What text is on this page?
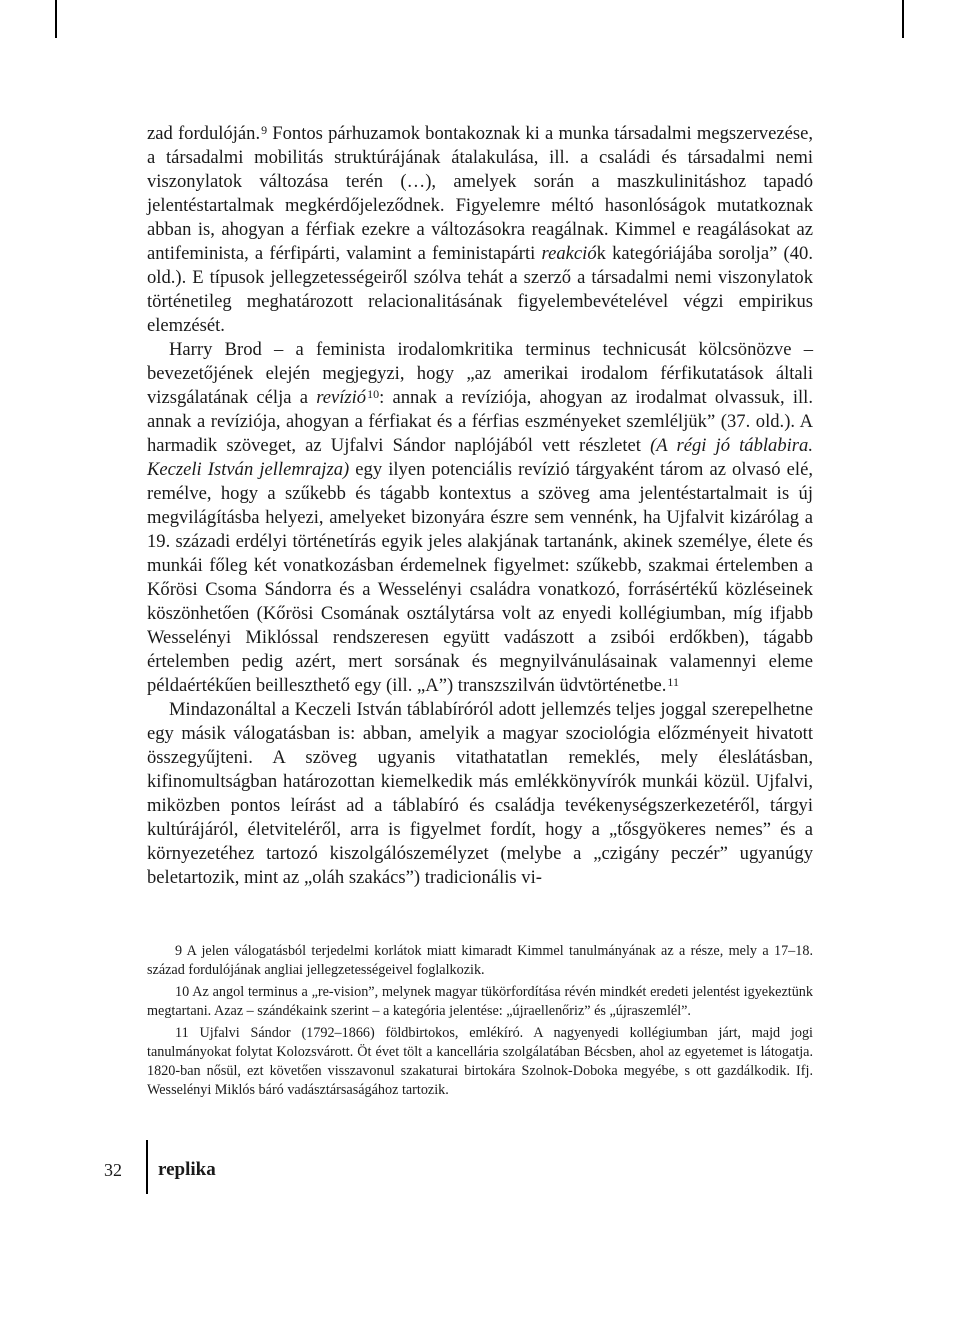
zad fordulóján.$^9$ Fontos párhuzamok bontakoznak ki a munka társadalmi megszervezése, a társadalmi mobilitás struktúrájának átalakulása, ill. a családi és társadalmi nemi viszonylatok változása terén (…), amelyek során a maszkulinitáshoz tapadó jelentéstartalmak megkérdőjeleződnek. Figyelemre méltó hasonlóságok mutatkoznak abban is, ahogyan a férfiak ezekre a változásokra reagálnak. Kimmel e reagálásokat az antifeminista, a férfipárti, valamint a feministapárti reakciók kategóriájába sorolja” (40. old.). E típusok jellegzetességeiről szólva tehát a szerző a társadalmi nemi viszonylatok történetileg meghatározott relacionalitásának figyelembevételével végzi empirikus elemzését.

Harry Brod – a feminista irodalomkritika terminus technicusát kölcsönözve – bevezetőjének elején megjegyzi, hogy „az amerikai irodalom férfikutatások általi vizsgálatának célja a revízió$^{10}$: annak a revíziója, ahogyan az irodalmat olvassuk, ill. annak a revíziója, ahogyan a férfiakat és a férfias eszményeket szemléljük” (37. old.). A harmadik szöveget, az Ujfalvi Sándor naplójából vett részletet (A régi jó táblabira. Keczeli István jellemrajza) egy ilyen potenciális revízió tárgyaként tárom az olvasó elé, remélve, hogy a szűkebb és tágabb kontextus a szöveg ama jelentéstartalmait is új megvilágításba helyezi, amelyeket bizonyára észre sem vennénk, ha Ujfalvit kizárólag a 19. századi erdélyi történetírás egyik jeles alakjának tartanánk, akinek személye, élete és munkái főleg két vonatkozásban érdemelnek figyelmet: szűkebb, szakmai értelemben a Kőrösi Csoma Sándorra és a Wesselényi családra vonatkozó, forrásértékű közléseinek köszönhetően (Kőrösi Csomának osztálytársa volt az enyedi kollégiumban, míg ifjabb Wesselényi Miklóssal rendszeresen együtt vadászott a zsibói erdőkben), tágabb értelemben pedig azért, mert sorsának és megnyilvánulásainak valamennyi eleme példaértékűen beilleszthető egy (ill. „A”) transzszilván üdvtörténetbe.$^{11}$

Mindazonáltal a Keczeli István táblabíróról adott jellemzés teljes joggal szerepelhetne egy másik válogatásban is: abban, amelyik a magyar szociológia előzményeit hivatott összegyűjteni. A szöveg ugyanis vitathatatlan remeklés, mely éleslátásban, kifinomultságban határozottan kiemelkedik más emlékkönyvírók munkái közül. Ujfalvi, miközben pontos leírást ad a táblabíró és családja tevékenységszerkezetéről, tárgyi kultúrájáról, életviteléről, arra is figyelmet fordít, hogy a „tősgyökeres nemes” és a környezetéhez tartozó kiszolgálószemélyzet (melybe a „czigány peczér” ugyanúgy beletartozik, mint az „oláh szakács”) tradicionális vi-

9 A jelen válogatásból terjedelmi korlátok miatt kimaradt Kimmel tanulmányának az a része, mely a 17–18. század fordulójának angliai jellegzetességeivel foglalkozik.

10 Az angol terminus a „re-vision”, melynek magyar tükörfordítása révén mindkét eredeti jelentést igyekeztünk megtartani. Azaz – szándékaink szerint – a kategória jelentése: „újraellenőriz” és „újraszemlél”.

11 Ujfalvi Sándor (1792–1866) földbirtokos, emlékíró. A nagyenyedi kollégiumban járt, majd jogi tanulmányokat folytat Kolozsvárott. Öt évet tölt a kancellária szolgálatában Bécsben, ahol az egyetemet is látogatja. 1820-ban nősül, ezt követően visszavonul szakaturai birtokára Szolnok-Doboka megyébe, s ott gazdálkodik. Ifj. Wesselényi Miklós báró vadásztársaságához tartozik.

32 replika
